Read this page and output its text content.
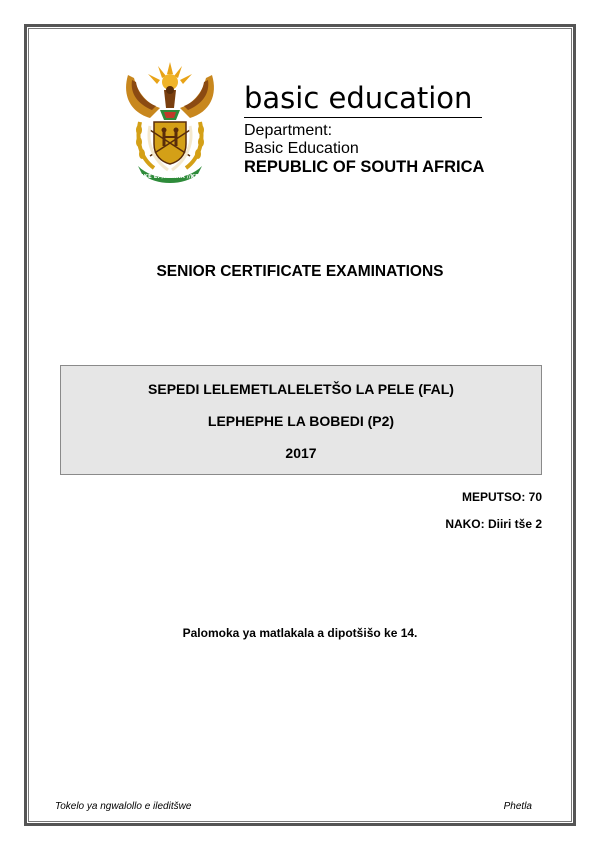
!KE E: /XARRA //KE
basic education
Department:
Basic Education
REPUBLIC OF SOUTH AFRICA
SENIOR CERTIFICATE EXAMINATIONS
SEPEDI LELEMETLALELETŠO LA PELE (FAL)
LEPHEPHE LA BOBEDI (P2)
2017
MEPUTSO: 70
NAKO: Diiri tše 2
Palomoka ya matlakala a dipotšišo ke 14.
Tokelo ya ngwalollo e ileditšwe	Phetla
